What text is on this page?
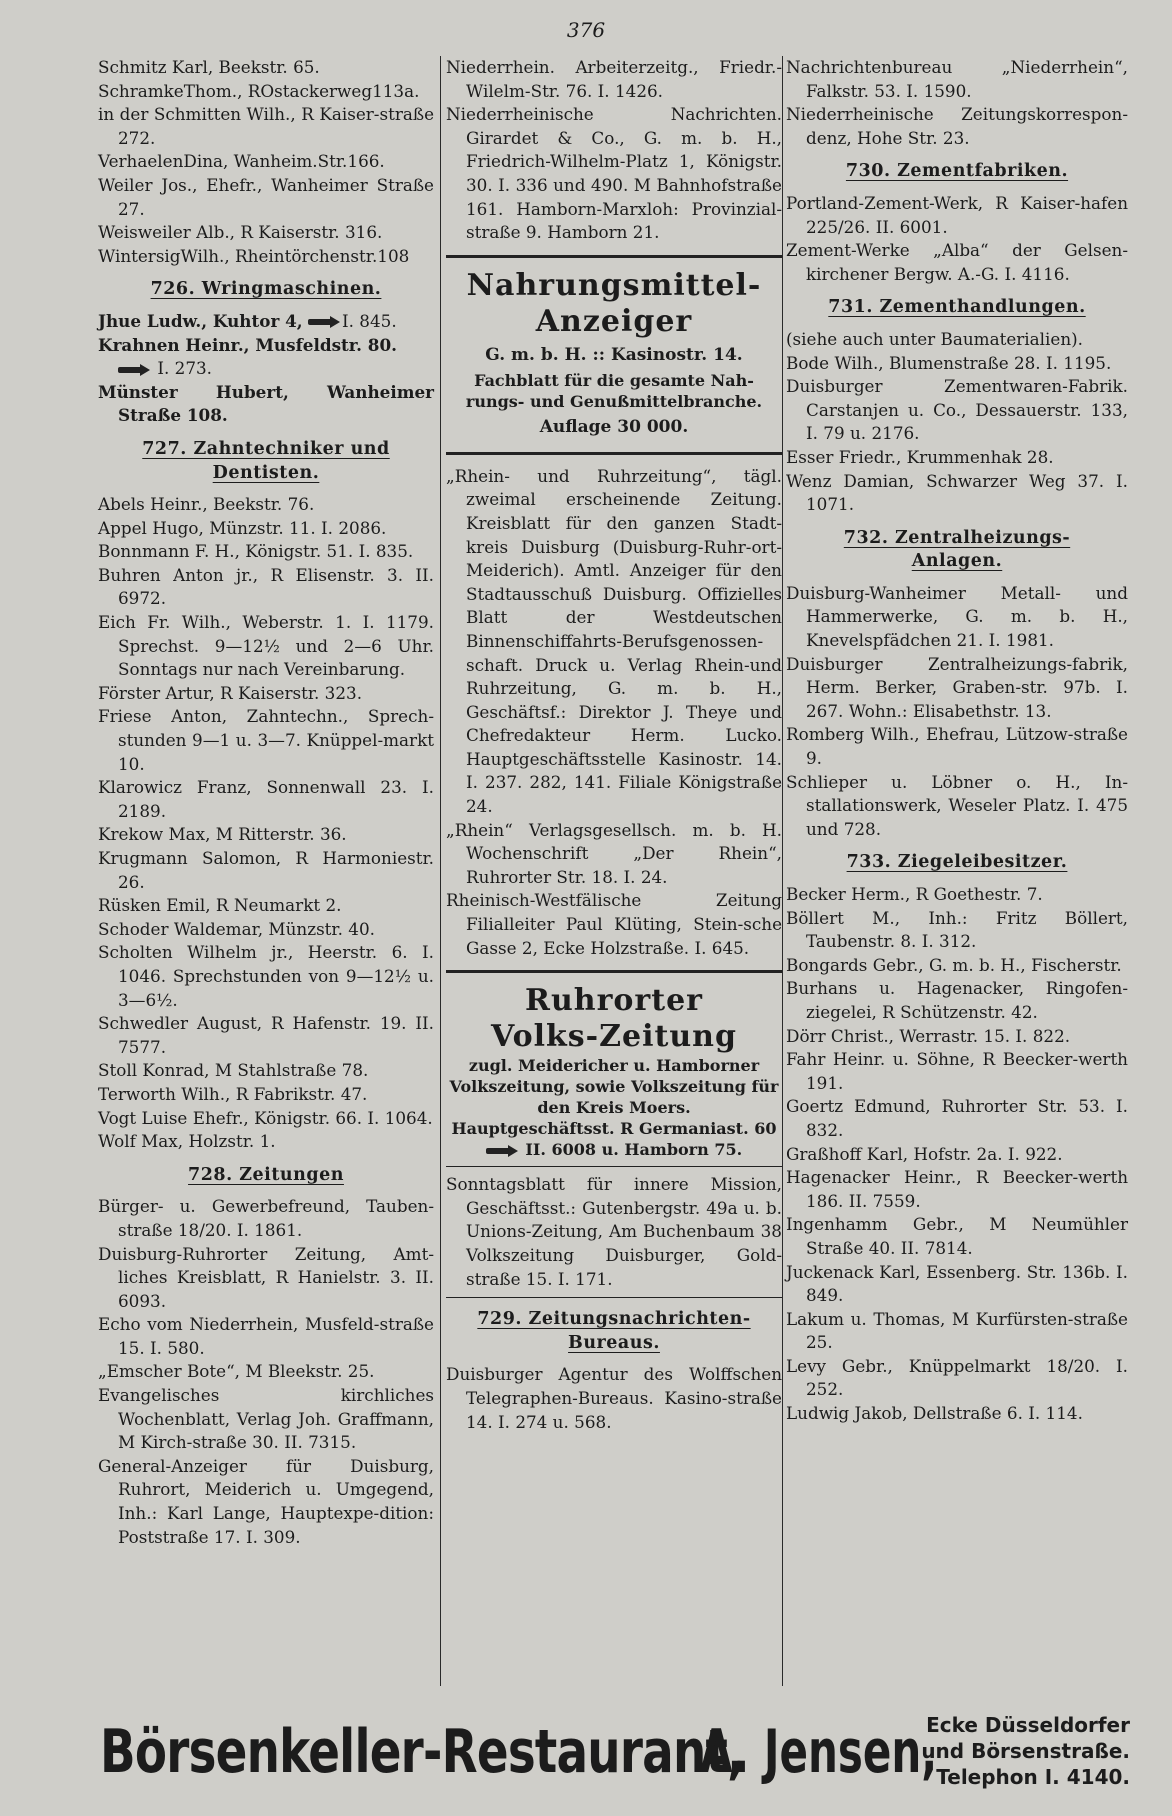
376
Schmitz Karl, Beekstr. 65.
SchramkeThom., ROstackerweg113a.
in der Schmitten Wilh., R Kaiser-straße 272.
VerhaelenDina, Wanheim.Str.166.
Weiler Jos., Ehefr., Wanheimer Straße 27.
Weisweiler Alb., R Kaiserstr. 316.
WintersigWilh., Rheintörchenstr.108
726. Wringmaschinen.
Jhue Ludw., Kuhtor 4, I. 845.
Krahnen Heinr., Musfeldstr. 80.
I. 273.
Münster Hubert, Wanheimer Straße 108.
727. Zahntechniker und
Dentisten.
Abels Heinr., Beekstr. 76.
Appel Hugo, Münzstr. 11. I. 2086.
Bonnmann F. H., Königstr. 51. I. 835.
Buhren Anton jr., R Elisenstr. 3. II. 6972.
Eich Fr. Wilh., Weberstr. 1. I. 1179. Sprechst. 9—12½ und 2—6 Uhr. Sonntags nur nach Vereinbarung.
Förster Artur, R Kaiserstr. 323.
Friese Anton, Zahntechn., Sprech-stunden 9—1 u. 3—7. Knüppel-markt 10.
Klarowicz Franz, Sonnenwall 23. I. 2189.
Krekow Max, M Ritterstr. 36.
Krugmann Salomon, R Harmoniestr. 26.
Rüsken Emil, R Neumarkt 2.
Schoder Waldemar, Münzstr. 40.
Scholten Wilhelm jr., Heerstr. 6. I. 1046. Sprechstunden von 9—12½ u. 3—6½.
Schwedler August, R Hafenstr. 19. II. 7577.
Stoll Konrad, M Stahlstraße 78.
Terworth Wilh., R Fabrikstr. 47.
Vogt Luise Ehefr., Königstr. 66. I. 1064.
Wolf Max, Holzstr. 1.
728. Zeitungen
Bürger- u. Gewerbefreund, Tauben-straße 18/20. I. 1861.
Duisburg-Ruhrorter Zeitung, Amt-liches Kreisblatt, R Hanielstr. 3. II. 6093.
Echo vom Niederrhein, Musfeld-straße 15. I. 580.
„Emscher Bote“, M Bleekstr. 25.
Evangelisches kirchliches Wochenblatt, Verlag Joh. Graffmann, M Kirch-straße 30. II. 7315.
General-Anzeiger für Duisburg, Ruhrort, Meiderich u. Umgegend, Inh.: Karl Lange, Hauptexpe-dition: Poststraße 17. I. 309.
Niederrhein. Arbeiterzeitg., Friedr.-Wilelm-Str. 76. I. 1426.
Niederrheinische Nachrichten. Girardet & Co., G. m. b. H., Friedrich-Wilhelm-Platz 1, Königstr. 30. I. 336 und 490. M Bahnhofstraße 161. Hamborn-Marxloh: Provinzial-straße 9. Hamborn 21.
Nahrungsmittel-
Anzeiger
G. m. b. H. :: Kasinostr. 14.
Fachblatt für die gesamte Nah-rungs- und Genußmittelbranche.
Auflage 30 000.
„Rhein- und Ruhrzeitung“, tägl. zweimal erscheinende Zeitung. Kreisblatt für den ganzen Stadt-kreis Duisburg (Duisburg-Ruhr-ort-Meiderich). Amtl. Anzeiger für den Stadtausschuß Duisburg. Offizielles Blatt der Westdeutschen Binnenschiffahrts-Berufsgenossen-schaft. Druck u. Verlag Rhein-und Ruhrzeitung, G. m. b. H., Geschäftsf.: Direktor J. Theye und Chefredakteur Herm. Lucko. Hauptgeschäftsstelle Kasinostr. 14. I. 237. 282, 141. Filiale Königstraße 24.
„Rhein“ Verlagsgesellsch. m. b. H. Wochenschrift „Der Rhein“, Ruhrorter Str. 18. I. 24.
Rheinisch-Westfälische Zeitung Filialleiter Paul Klüting, Stein-sche Gasse 2, Ecke Holzstraße. I. 645.
Ruhrorter
Volks-Zeitung
zugl. Meidericher u. Hamborner Volkszeitung, sowie Volkszeitung für den Kreis Moers.
Hauptgeschäftsst. R Germaniast. 60
II. 6008 u. Hamborn 75.
Sonntagsblatt für innere Mission, Geschäftsst.: Gutenbergstr. 49a u. b. Unions-Zeitung, Am Buchenbaum 38 Volkszeitung Duisburger, Gold-straße 15. I. 171.
729. Zeitungsnachrichten-
Bureaus.
Duisburger Agentur des Wolffschen Telegraphen-Bureaus. Kasino-straße 14. I. 274 u. 568.
Nachrichtenbureau „Niederrhein“, Falkstr. 53. I. 1590.
Niederrheinische Zeitungskorrespon-denz, Hohe Str. 23.
730. Zementfabriken.
Portland-Zement-Werk, R Kaiser-hafen 225/26. II. 6001.
Zement-Werke „Alba“ der Gelsen-kirchener Bergw. A.-G. I. 4116.
731. Zementhandlungen.
(siehe auch unter Baumaterialien).
Bode Wilh., Blumenstraße 28. I. 1195.
Duisburger Zementwaren-Fabrik. Carstanjen u. Co., Dessauerstr. 133, I. 79 u. 2176.
Esser Friedr., Krummenhak 28.
Wenz Damian, Schwarzer Weg 37. I. 1071.
732. Zentralheizungs-
Anlagen.
Duisburg-Wanheimer Metall- und Hammerwerke, G. m. b. H., Knevelspfädchen 21. I. 1981.
Duisburger Zentralheizungs-fabrik, Herm. Berker, Graben-str. 97b. I. 267. Wohn.: Elisabethstr. 13.
Romberg Wilh., Ehefrau, Lützow-straße 9.
Schlieper u. Löbner o. H., In-stallationswerk, Weseler Platz. I. 475 und 728.
733. Ziegeleibesitzer.
Becker Herm., R Goethestr. 7.
Böllert M., Inh.: Fritz Böllert, Taubenstr. 8. I. 312.
Bongards Gebr., G. m. b. H., Fischerstr.
Burhans u. Hagenacker, Ringofen-ziegelei, R Schützenstr. 42.
Dörr Christ., Werrastr. 15. I. 822.
Fahr Heinr. u. Söhne, R Beecker-werth 191.
Goertz Edmund, Ruhrorter Str. 53. I. 832.
Graßhoff Karl, Hofstr. 2a. I. 922.
Hagenacker Heinr., R Beecker-werth 186. II. 7559.
Ingenhamm Gebr., M Neumühler Straße 40. II. 7814.
Juckenack Karl, Essenberg. Str. 136b. I. 849.
Lakum u. Thomas, M Kurfürsten-straße 25.
Levy Gebr., Knüppelmarkt 18/20. I. 252.
Ludwig Jakob, Dellstraße 6. I. 114.
Börsenkeller-Restaurant,
A. Jensen,
Ecke Düsseldorfer
und Börsenstraße.
Telephon I. 4140.
